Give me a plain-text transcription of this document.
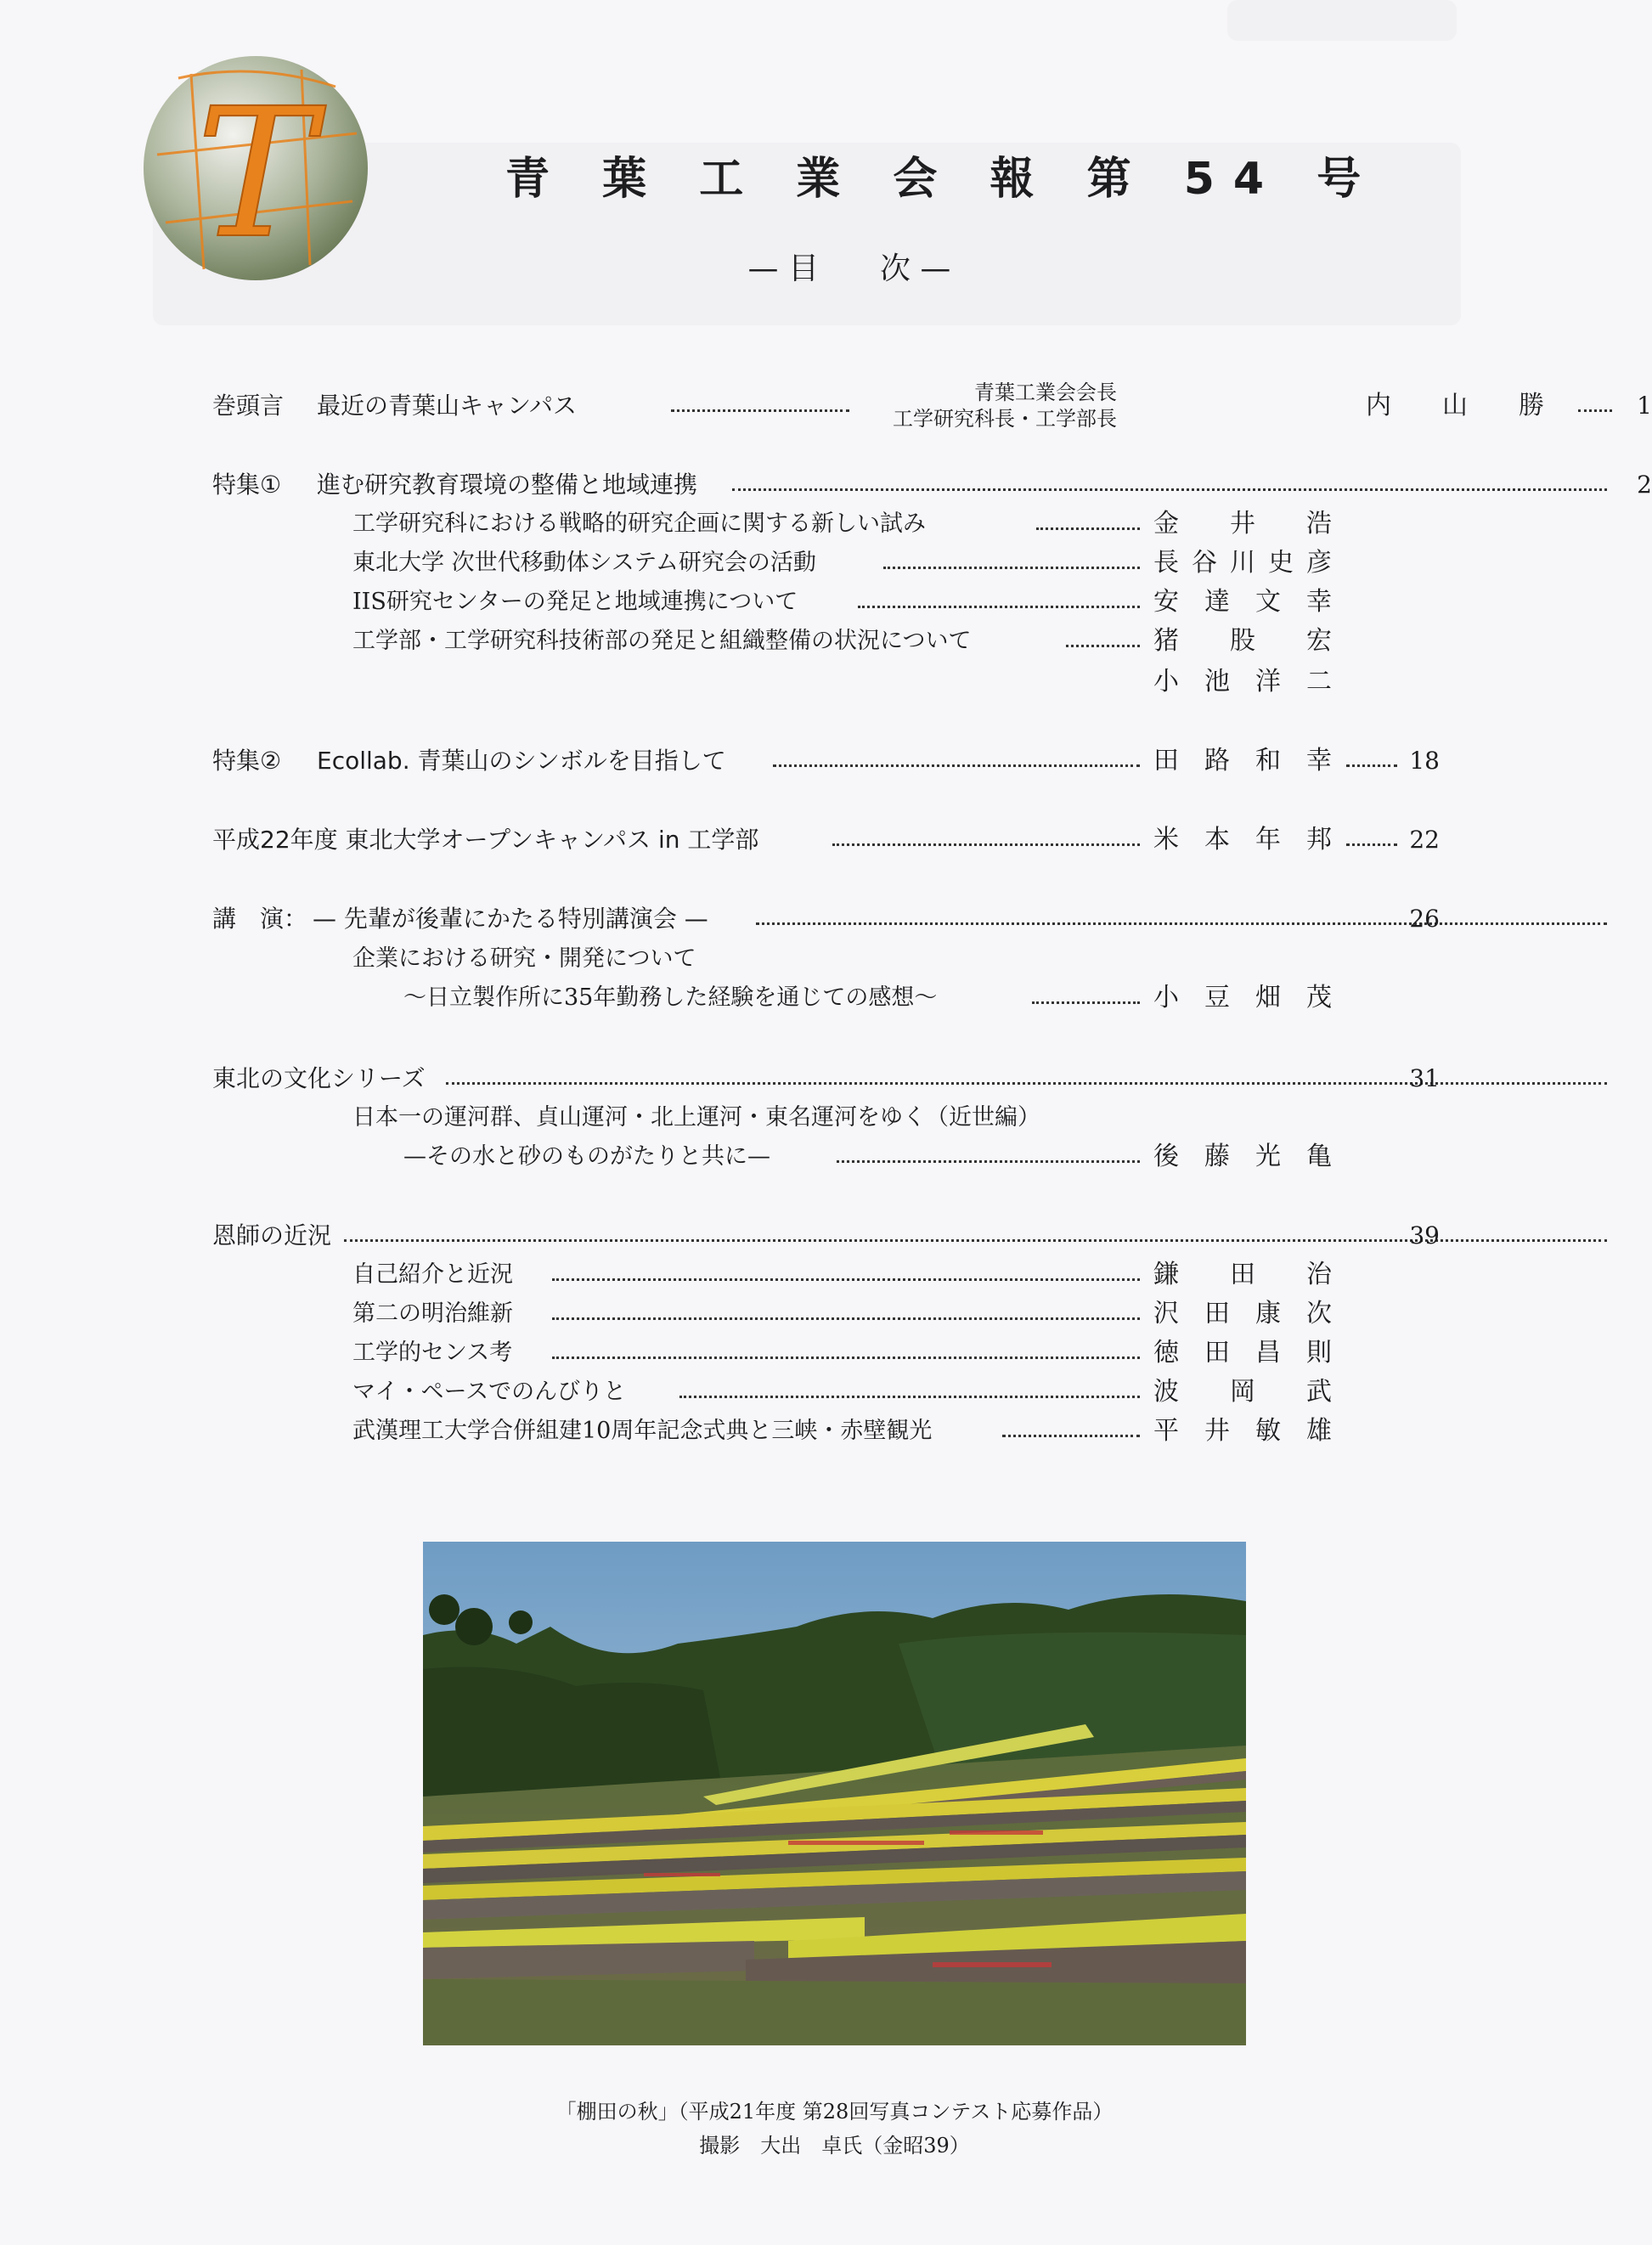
T	青 葉 工 業 会 報 第 54 号
— 目　　次 —
巻頭言 最近の青葉山キャンパス	内山勝	1
青葉工業会会長
工学研究科長・工学部長
特集① 進む研究教育環境の整備と地域連携	2
工学研究科における戦略的研究企画に関する新しい試み	金井浩
東北大学 次世代移動体システム研究会の活動	長谷川史彦
IIS研究センターの発足と地域連携について	安達文幸
工学部・工学研究科技術部の発足と組織整備の状況について	猪股宏
小池洋二
特集② Ecollab. 青葉山のシンボルを目指して	田路和幸	18
平成22年度 東北大学オープンキャンパス in 工学部	米本年邦	22
講　演： — 先輩が後輩にかたる特別講演会 —	26
企業における研究・開発について
〜日立製作所に35年勤務した経験を通じての感想〜	小豆畑茂
東北の文化シリーズ	31
日本一の運河群、貞山運河・北上運河・東名運河をゆく（近世編）
—その水と砂のものがたりと共に—	後藤光亀
恩師の近況	39
自己紹介と近況	鎌田治
第二の明治維新	沢田康次
工学的センス考	徳田昌則
マイ・ペースでのんびりと	波岡武
武漢理工大学合併組建10周年記念式典と三峡・赤壁観光	平井敏雄
「棚田の秋」（平成21年度 第28回写真コンテスト応募作品）
撮影　大出　卓氏（金昭39）
